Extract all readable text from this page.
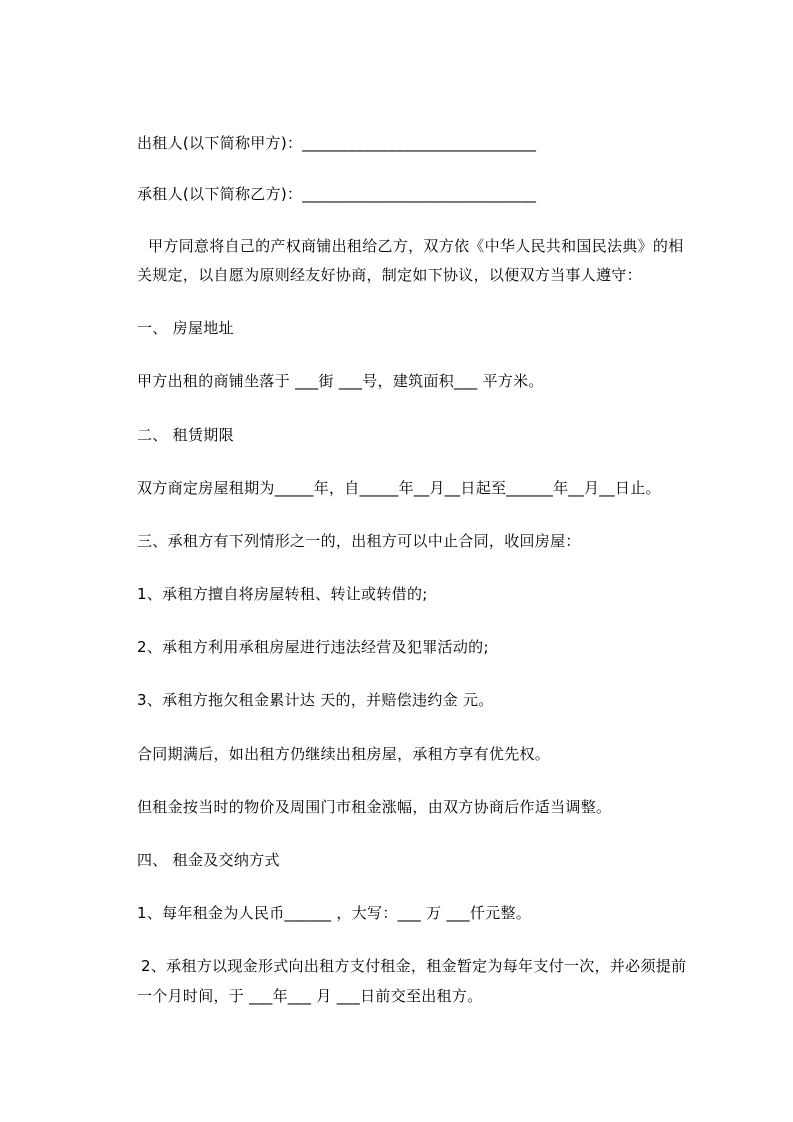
出租人(以下简称甲方)：______________________________
承租人(以下简称乙方)：______________________________
甲方同意将自己的产权商铺出租给乙方，双方依《中华人民共和国民法典》的相
关规定，以自愿为原则经友好协商，制定如下协议，以便双方当事人遵守：
一、 房屋地址
甲方出租的商铺坐落于 ___街 ___号，建筑面积___ 平方米。
二、 租赁期限
双方商定房屋租期为_____年，自_____年__月__日起至______年__月__日止。
三、承租方有下列情形之一的，出租方可以中止合同，收回房屋：
1、承租方擅自将房屋转租、转让或转借的;
2、承租方利用承租房屋进行违法经营及犯罪活动的;
3、承租方拖欠租金累计达 天的，并赔偿违约金 元。
合同期满后，如出租方仍继续出租房屋，承租方享有优先权。
但租金按当时的物价及周围门市租金涨幅，由双方协商后作适当调整。
四、 租金及交纳方式
1、每年租金为人民币______ ，大写：___ 万 ___仟元整。
2、承租方以现金形式向出租方支付租金，租金暂定为每年支付一次，并必须提前
一个月时间，于 ___年___ 月 ___日前交至出租方。
